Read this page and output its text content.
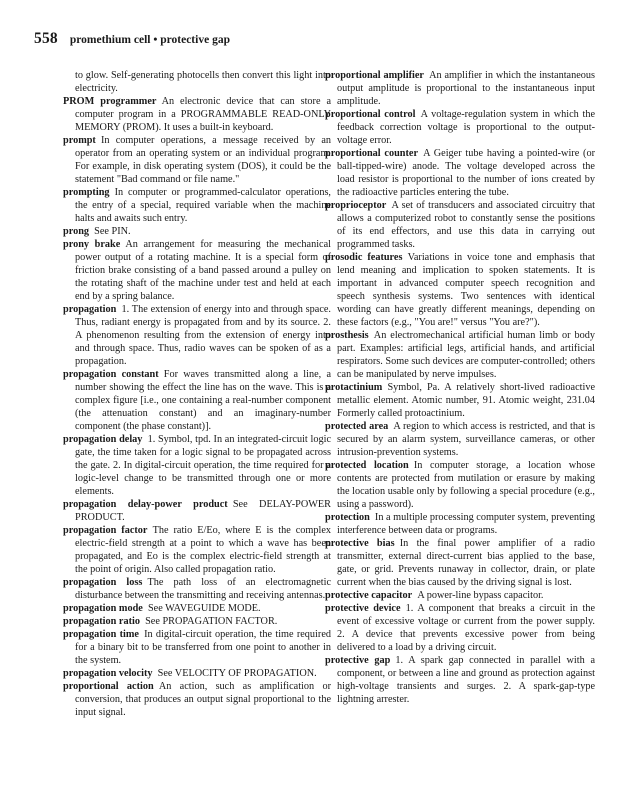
558 promethium cell • protective gap
to glow. Self-generating photocells then convert this light into electricity.
PROM programmer  An electronic device that can store a computer program in a PROGRAMMABLE READ-ONLY MEMORY (PROM). It uses a built-in keyboard.
prompt  In computer operations, a message received by an operator from an operating system or an individual program. For example, in disk operating system (DOS), it could be the statement "Bad command or file name."
prompting  In computer or programmed-calculator operations, the entry of a special, required variable when the machine halts and awaits such entry.
prong  See PIN.
prony brake  An arrangement for measuring the mechanical power output of a rotating machine. It is a special form of friction brake consisting of a band passed around a pulley on the rotating shaft of the machine under test and held at each end by a spring balance.
propagation  1. The extension of energy into and through space. Thus, radiant energy is propagated from and by its source. 2. A phenomenon resulting from the extension of energy into and through space. Thus, radio waves can be spoken of as a propagation.
propagation constant  For waves transmitted along a line, a number showing the effect the line has on the wave. This is a complex figure [i.e., one containing a real-number component (the attenuation constant) and an imaginary-number component (the phase constant)].
propagation delay  1. Symbol, tpd. In an integrated-circuit logic gate, the time taken for a logic signal to be propagated across the gate. 2. In digital-circuit operation, the time required for a logic-level change to be transmitted through one or more elements.
propagation delay-power product  See DELAY-POWER PRODUCT.
propagation factor  The ratio E/Eo, where E is the complex electric-field strength at a point to which a wave has been propagated, and Eo is the complex electric-field strength at the point of origin. Also called propagation ratio.
propagation loss  The path loss of an electromagnetic disturbance between the transmitting and receiving antennas.
propagation mode  See WAVEGUIDE MODE.
propagation ratio  See PROPAGATION FACTOR.
propagation time  In digital-circuit operation, the time required for a binary bit to be transferred from one point to another in the system.
propagation velocity  See VELOCITY OF PROPAGATION.
proportional action  An action, such as amplification or conversion, that produces an output signal proportional to the input signal.
proportional amplifier  An amplifier in which the instantaneous output amplitude is proportional to the instantaneous input amplitude.
proportional control  A voltage-regulation system in which the feedback correction voltage is proportional to the output-voltage error.
proportional counter  A Geiger tube having a pointed-wire (or ball-tipped-wire) anode. The voltage developed across the load resistor is proportional to the number of ions created by the radioactive particles entering the tube.
proprioceptor  A set of transducers and associated circuitry that allows a computerized robot to constantly sense the positions of its end effectors, and use this data in carrying out programmed tasks.
prosodic features  Variations in voice tone and emphasis that lend meaning and implication to spoken statements. It is important in advanced computer speech recognition and speech synthesis systems. Two sentences with identical wording can have greatly different meanings, depending on these factors (e.g., "You are!" versus "You are?").
prosthesis  An electromechanical artificial human limb or body part. Examples: artificial legs, artificial hands, and artificial respirators. Some such devices are computer-controlled; others can be manipulated by nerve impulses.
protactinium  Symbol, Pa. A relatively short-lived radioactive metallic element. Atomic number, 91. Atomic weight, 231.04 Formerly called protoactinium.
protected area  A region to which access is restricted, and that is secured by an alarm system, surveillance cameras, or other intrusion-prevention systems.
protected location  In computer storage, a location whose contents are protected from mutilation or erasure by making the location usable only by following a special procedure (e.g., using a password).
protection  In a multiple processing computer system, preventing interference between data or programs.
protective bias  In the final power amplifier of a radio transmitter, external direct-current bias applied to the base, gate, or grid. Prevents runaway in collector, drain, or plate current when the bias caused by the driving signal is lost.
protective capacitor  A power-line bypass capacitor.
protective device  1. A component that breaks a circuit in the event of excessive voltage or current from the power supply. 2. A device that prevents excessive power from being delivered to a load by a driving circuit.
protective gap  1. A spark gap connected in parallel with a component, or between a line and ground as protection against high-voltage transients and surges. 2. A spark-gap-type lightning arrester.
